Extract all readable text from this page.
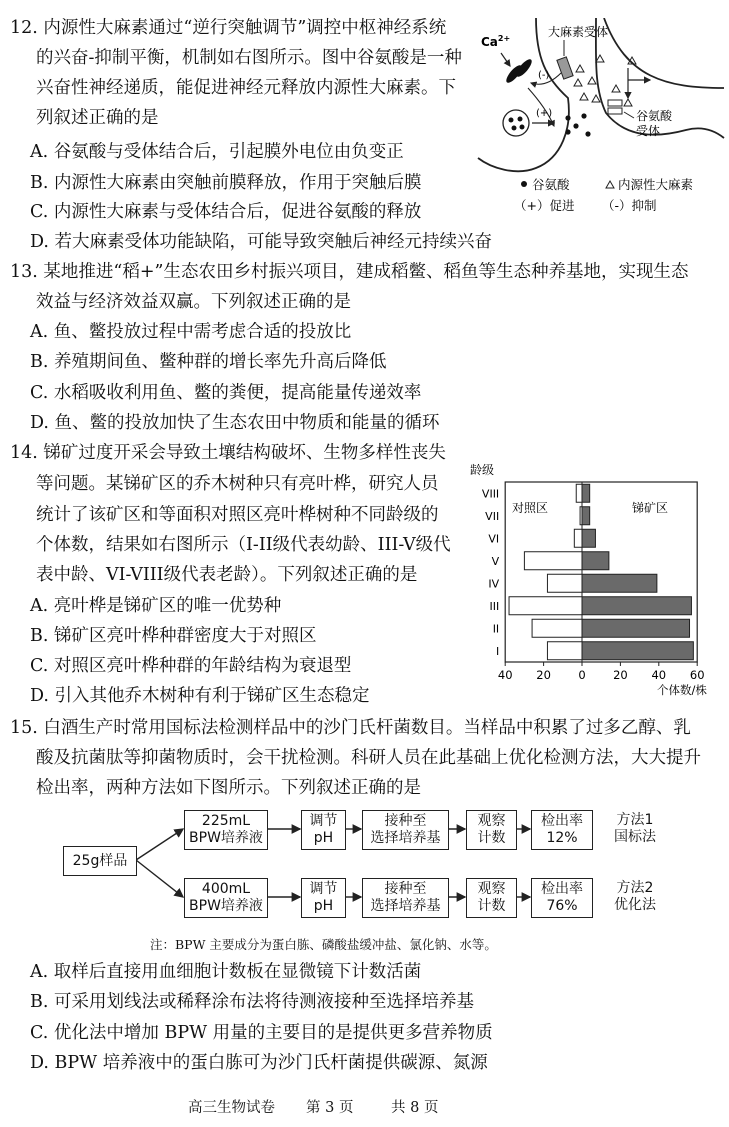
12. 内源性大麻素通过“逆行突触调节”调控中枢神经系统
的兴奋-抑制平衡，机制如右图所示。图中谷氨酸是一种
兴奋性神经递质，能促进神经元释放内源性大麻素。下
列叙述正确的是
A. 谷氨酸与受体结合后，引起膜外电位由负变正
B. 内源性大麻素由突触前膜释放，作用于突触后膜
C. 内源性大麻素与受体结合后，促进谷氨酸的释放
D. 若大麻素受体功能缺陷，可能导致突触后神经元持续兴奋
$Ca^{2+}$	大麻素受体
(-)
(+)	谷氨酸
受体
谷氨酸	内源性大麻素
（+）促进 （-）抑制
13. 某地推进“稻+”生态农田乡村振兴项目，建成稻鳖、稻鱼等生态种养基地，实现生态
效益与经济效益双赢。下列叙述正确的是
A. 鱼、鳖投放过程中需考虑合适的投放比
B. 养殖期间鱼、鳖种群的增长率先升高后降低
C. 水稻吸收利用鱼、鳖的粪便，提高能量传递效率
D. 鱼、鳖的投放加快了生态农田中物质和能量的循环
14. 锑矿过度开采会导致土壤结构破坏、生物多样性丧失
等问题。某锑矿区的乔木树种只有亮叶桦，研究人员
统计了该矿区和等面积对照区亮叶桦树种不同龄级的
个体数，结果如右图所示（I-II级代表幼龄、III-V级代
表中龄、VI-VIII级代表老龄）。下列叙述正确的是
A. 亮叶桦是锑矿区的唯一优势种
B. 锑矿区亮叶桦种群密度大于对照区
C. 对照区亮叶桦种群的年龄结构为衰退型
D. 引入其他乔木树种有利于锑矿区生态稳定
龄级
对照区	锑矿区
I
II
III
IV
V
VI
VII
VIII
40 20 0 20 40 60
个体数/株
15. 白酒生产时常用国标法检测样品中的沙门氏杆菌数目。当样品中积累了过多乙醇、乳
酸及抗菌肽等抑菌物质时，会干扰检测。科研人员在此基础上优化检测方法，大大提升
检出率，两种方法如下图所示。下列叙述正确的是
25g样品
225mL
BPW培养液
调节
pH
接种至
选择培养基
观察
计数
检出率
12%
方法1
国标法
400mL
BPW培养液
调节
pH
接种至
选择培养基
观察
计数
检出率
76%
方法2
优化法
注：BPW 主要成分为蛋白胨、磷酸盐缓冲盐、氯化钠、水等。
A. 取样后直接用血细胞计数板在显微镜下计数活菌
B. 可采用划线法或稀释涂布法将待测液接种至选择培养基
C. 优化法中增加 BPW 用量的主要目的是提供更多营养物质
D. BPW 培养液中的蛋白胨可为沙门氏杆菌提供碳源、氮源
高三生物试卷 第 3 页	共 8 页
